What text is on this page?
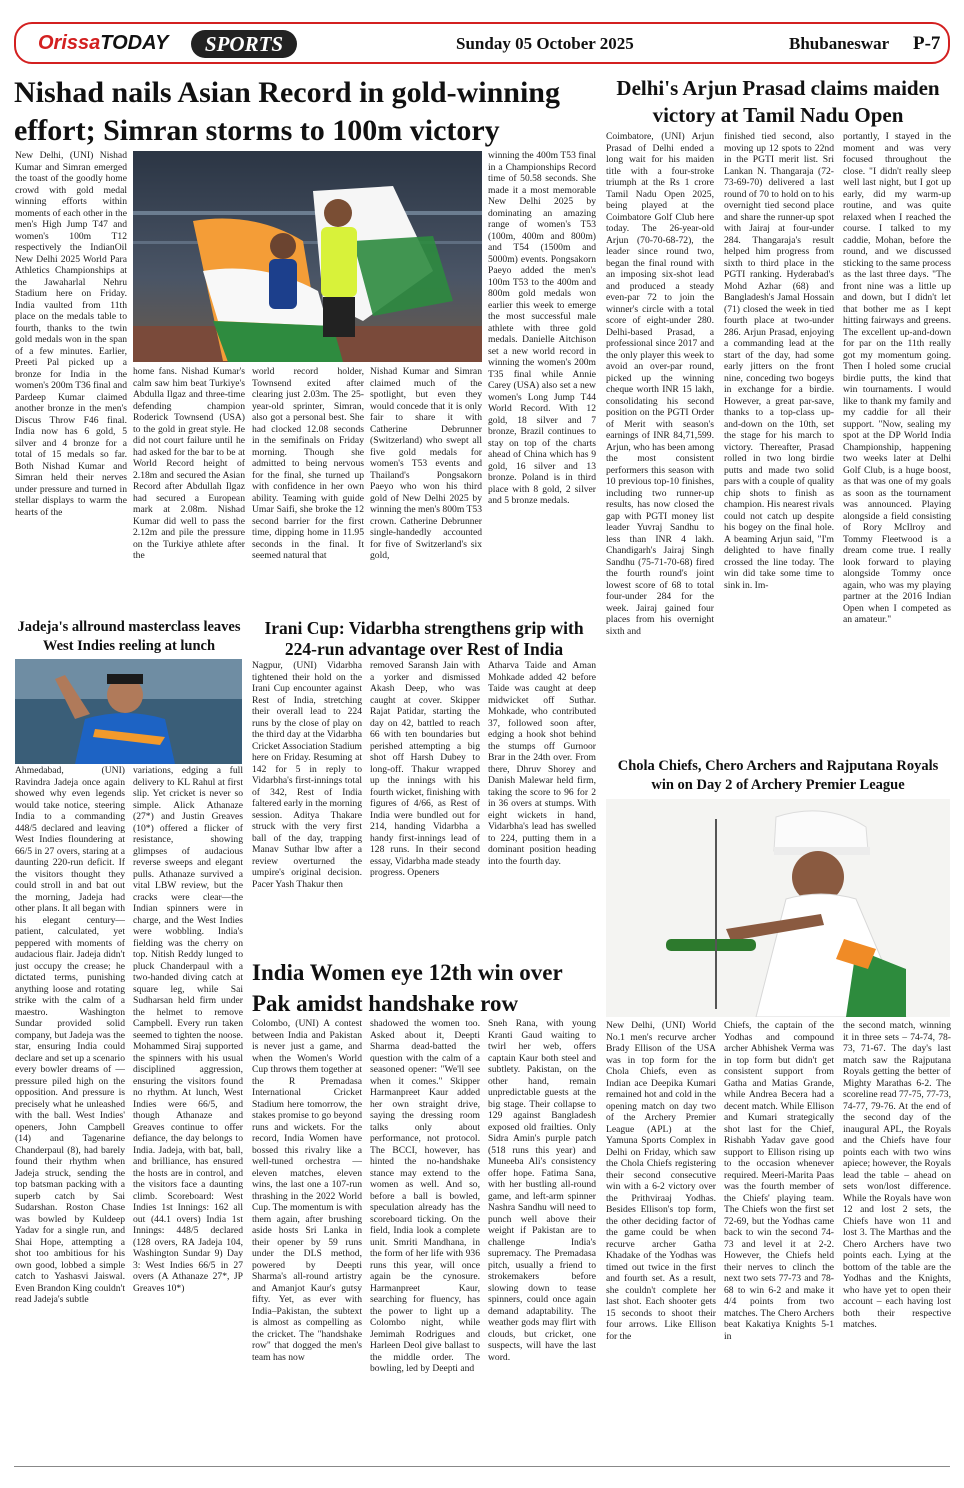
OrissaTODAY	SPORTS	Sunday 05 October 2025	Bhubaneswar P-7
Nishad nails Asian Record in gold-winning effort; Simran storms to 100m victory
New Delhi, (UNI) Nishad Kumar and Simran emerged the toast of the goodly home crowd with gold medal winning efforts within moments of each other in the men's High Jump T47 and women's 100m T12 respectively the IndianOil New Delhi 2025 World Para Athletics Championships at the Jawaharlal Nehru Stadium here on Friday. India vaulted from 11th place on the medals table to fourth, thanks to the twin gold medals won in the span of a few minutes. Earlier, Preeti Pal picked up a bronze for India in the women's 200m T36 final and Pardeep Kumar claimed another bronze in the men's Discus Throw F46 final. India now has 6 gold, 5 silver and 4 bronze for a total of 15 medals so far. Both Nishad Kumar and Simran held their nerves under pressure and turned in stellar displays to warm the hearts of the
home fans. Nishad Kumar's calm saw him beat Turkiye's Abdulla Ilgaz and three-time defending champion Roderick Townsend (USA) to the gold in great style. He did not court failure until he had asked for the bar to be at World Record height of 2.18m and secured the Asian Record after Abdullah Ilgaz had secured a European mark at 2.08m. Nishad Kumar did well to pass the 2.12m and pile the pressure on the Turkiye athlete after the
world record holder, Townsend exited after clearing just 2.03m. The 25-year-old sprinter, Simran, also got a personal best. She had clocked 12.08 seconds in the semifinals on Friday morning. Though she admitted to being nervous for the final, she turned up with confidence in her own ability. Teaming with guide Umar Saifi, she broke the 12 second barrier for the first time, dipping home in 11.95 seconds in the final. It seemed natural that
Nishad Kumar and Simran claimed much of the spotlight, but even they would concede that it is only fair to share it with Catherine Debrunner (Switzerland) who swept all five gold medals for women's T53 events and Thailand's Pongsakorn Paeyo who won his third gold of New Delhi 2025 by winning the men's 800m T53 crown. Catherine Debrunner single-handedly accounted for five of Switzerland's six gold,
winning the 400m T53 final in a Championships Record time of 50.58 seconds. She made it a most memorable New Delhi 2025 by dominating an amazing range of women's T53 (100m, 400m and 800m) and T54 (1500m and 5000m) events. Pongsakorn Paeyo added the men's 100m T53 to the 400m and 800m gold medals won earlier this week to emerge the most successful male athlete with three gold medals. Danielle Aitchison set a new world record in winning the women's 200m T35 final while Annie Carey (USA) also set a new women's Long Jump T44 World Record. With 12 gold, 18 silver and 7 bronze, Brazil continues to stay on top of the charts ahead of China which has 9 gold, 16 silver and 13 bronze. Poland is in third place with 8 gold, 2 silver and 5 bronze medals.
Delhi's Arjun Prasad claims maiden victory at Tamil Nadu Open
Coimbatore, (UNI) Arjun Prasad of Delhi ended a long wait for his maiden title with a four-stroke triumph at the Rs 1 crore Tamil Nadu Open 2025, being played at the Coimbatore Golf Club here today. The 26-year-old Arjun (70-70-68-72), the leader since round two, began the final round with an imposing six-shot lead and produced a steady even-par 72 to join the winner's circle with a total score of eight-under 280. Delhi-based Prasad, a professional since 2017 and the only player this week to avoid an over-par round, picked up the winning cheque worth INR 15 lakh, consolidating his second position on the PGTI Order of Merit with season's earnings of INR 84,71,599. Arjun, who has been among the most consistent performers this season with 10 previous top-10 finishes, including two runner-up results, has now closed the gap with PGTI money list leader Yuvraj Sandhu to less than INR 4 lakh. Chandigarh's Jairaj Singh Sandhu (75-71-70-68) fired the fourth round's joint lowest score of 68 to total four-under 284 for the week. Jairaj gained four places from his overnight sixth and
finished tied second, also moving up 12 spots to 22nd in the PGTI merit list. Sri Lankan N. Thangaraja (72-73-69-70) delivered a last round of 70 to hold on to his overnight tied second place and share the runner-up spot with Jairaj at four-under 284. Thangaraja's result helped him progress from sixth to third place in the PGTI ranking. Hyderabad's Mohd Azhar (68) and Bangladesh's Jamal Hossain (71) closed the week in tied fourth place at two-under 286. Arjun Prasad, enjoying a commanding lead at the start of the day, had some early jitters on the front nine, conceding two bogeys in exchange for a birdie. However, a great par-save, thanks to a top-class up-and-down on the 10th, set the stage for his march to victory. Thereafter, Prasad rolled in two long birdie putts and made two solid pars with a couple of quality chip shots to finish as champion. His nearest rivals could not catch up despite his bogey on the final hole. A beaming Arjun said, "I'm delighted to have finally crossed the line today. The win did take some time to sink in. Im-
portantly, I stayed in the moment and was very focused throughout the close. "I didn't really sleep well last night, but I got up early, did my warm-up routine, and was quite relaxed when I reached the course. I talked to my caddie, Mohan, before the round, and we discussed sticking to the same process as the last three days. "The front nine was a little up and down, but I didn't let that bother me as I kept hitting fairways and greens. The excellent up-and-down for par on the 11th really got my momentum going. Then I holed some crucial birdie putts, the kind that win tournaments. I would like to thank my family and my caddie for all their support. "Now, sealing my spot at the DP World India Championship, happening two weeks later at Delhi Golf Club, is a huge boost, as that was one of my goals as soon as the tournament was announced. Playing alongside a field consisting of Rory McIlroy and Tommy Fleetwood is a dream come true. I really look forward to playing alongside Tommy once again, who was my playing partner at the 2016 Indian Open when I competed as an amateur."
Jadeja's allround masterclass leaves West Indies reeling at lunch
Ahmedabad, (UNI) Ravindra Jadeja once again showed why even legends would take notice, steering India to a commanding 448/5 declared and leaving West Indies floundering at 66/5 in 27 overs, staring at a daunting 220-run deficit. If the visitors thought they could stroll in and bat out the morning, Jadeja had other plans. It all began with his elegant century—patient, calculated, yet peppered with moments of audacious flair. Jadeja didn't just occupy the crease; he dictated terms, punishing anything loose and rotating strike with the calm of a maestro. Washington Sundar provided solid company, but Jadeja was the star, ensuring India could declare and set up a scenario every bowler dreams of —pressure piled high on the opposition. And pressure is precisely what he unleashed with the ball. West Indies' openers, John Campbell (14) and Tagenarine Chanderpaul (8), had barely found their rhythm when Jadeja struck, sending the top batsman packing with a superb catch by Sai Sudarshan. Roston Chase was bowled by Kuldeep Yadav for a single run, and Shai Hope, attempting a shot too ambitious for his own good, lobbed a simple catch to Yashasvi Jaiswal. Even Brandon King couldn't read Jadeja's subtle
variations, edging a full delivery to KL Rahul at first slip. Yet cricket is never so simple. Alick Athanaze (27*) and Justin Greaves (10*) offered a flicker of resistance, showing glimpses of audacious reverse sweeps and elegant pulls. Athanaze survived a vital LBW review, but the cracks were clear—the Indian spinners were in charge, and the West Indies were wobbling. India's fielding was the cherry on top. Nitish Reddy lunged to pluck Chanderpaul with a two-handed diving catch at square leg, while Sai Sudharsan held firm under the helmet to remove Campbell. Every run taken seemed to tighten the noose. Mohammed Siraj supported the spinners with his usual disciplined aggression, ensuring the visitors found no rhythm. At lunch, West Indies were 66/5, and though Athanaze and Greaves continue to offer defiance, the day belongs to India. Jadeja, with bat, ball, and brilliance, has ensured the hosts are in control, and the visitors face a daunting climb. Scoreboard: West Indies 1st Innings: 162 all out (44.1 overs) India 1st Innings: 448/5 declared (128 overs, RA Jadeja 104, Washington Sundar 9) Day 3: West Indies 66/5 in 27 overs (A Athanaze 27*, JP Greaves 10*)
Irani Cup: Vidarbha strengthens grip with 224-run advantage over Rest of India
Nagpur, (UNI) Vidarbha tightened their hold on the Irani Cup encounter against Rest of India, stretching their overall lead to 224 runs by the close of play on the third day at the Vidarbha Cricket Association Stadium here on Friday. Resuming at 142 for 5 in reply to Vidarbha's first-innings total of 342, Rest of India faltered early in the morning session. Aditya Thakare struck with the very first ball of the day, trapping Manav Suthar lbw after a review overturned the umpire's original decision. Pacer Yash Thakur then
removed Saransh Jain with a yorker and dismissed Akash Deep, who was caught at cover. Skipper Rajat Patidar, starting the day on 42, battled to reach 66 with ten boundaries but perished attempting a big shot off Harsh Dubey to long-off. Thakur wrapped up the innings with his fourth wicket, finishing with figures of 4/66, as Rest of India were bundled out for 214, handing Vidarbha a handy first-innings lead of 128 runs. In their second essay, Vidarbha made steady progress. Openers
Atharva Taide and Aman Mohkade added 42 before Taide was caught at deep midwicket off Suthar. Mohkade, who contributed 37, followed soon after, edging a hook shot behind the stumps off Gurnoor Brar in the 24th over. From there, Dhruv Shorey and Danish Malewar held firm, taking the score to 96 for 2 in 36 overs at stumps. With eight wickets in hand, Vidarbha's lead has swelled to 224, putting them in a dominant position heading into the fourth day.
India Women eye 12th win over Pak amidst handshake row
Colombo, (UNI) A contest between India and Pakistan is never just a game, and when the Women's World Cup throws them together at the R Premadasa International Cricket Stadium here tomorrow, the stakes promise to go beyond runs and wickets. For the record, India Women have bossed this rivalry like a well-tuned orchestra — eleven matches, eleven wins, the last one a 107-run thrashing in the 2022 World Cup. The momentum is with them again, after brushing aside hosts Sri Lanka in their opener by 59 runs under the DLS method, powered by Deepti Sharma's all-round artistry and Amanjot Kaur's gutsy fifty. Yet, as ever with India–Pakistan, the subtext is almost as compelling as the cricket. The "handshake row" that dogged the men's team has now
shadowed the women too. Asked about it, Deepti Sharma dead-batted the question with the calm of a seasoned opener: "We'll see when it comes." Skipper Harmanpreet Kaur added her own straight drive, saying the dressing room talks only about performance, not protocol. The BCCI, however, has hinted the no-handshake stance may extend to the women as well. And so, before a ball is bowled, speculation already has the scoreboard ticking. On the field, India look a complete unit. Smriti Mandhana, in the form of her life with 936 runs this year, will once again be the cynosure. Harmanpreet Kaur, searching for fluency, has the power to light up a Colombo night, while Jemimah Rodrigues and Harleen Deol give ballast to the middle order. The bowling, led by Deepti and
Sneh Rana, with young Kranti Gaud waiting to twirl her web, offers captain Kaur both steel and subtlety. Pakistan, on the other hand, remain unpredictable guests at the big stage. Their collapse to 129 against Bangladesh exposed old frailties. Only Sidra Amin's purple patch (518 runs this year) and Muneeba Ali's consistency offer hope. Fatima Sana, with her bustling all-round game, and left-arm spinner Nashra Sandhu will need to punch well above their weight if Pakistan are to challenge India's supremacy. The Premadasa pitch, usually a friend to strokemakers before slowing down to tease spinners, could once again demand adaptability. The weather gods may flirt with clouds, but cricket, one suspects, will have the last word.
Chola Chiefs, Chero Archers and Rajputana Royals win on Day 2 of Archery Premier League
New Delhi, (UNI) World No.1 men's recurve archer Brady Ellison of the USA was in top form for the Chola Chiefs, even as Indian ace Deepika Kumari remained hot and cold in the opening match on day two of the Archery Premier League (APL) at the Yamuna Sports Complex in Delhi on Friday, which saw the Chola Chiefs registering their second consecutive win with a 6-2 victory over the Prithviraaj Yodhas. Besides Ellison's top form, the other deciding factor of the game could be when recurve archer Gatha Khadake of the Yodhas was timed out twice in the first and fourth set. As a result, she couldn't complete her last shot. Each shooter gets 15 seconds to shoot their four arrows. Like Ellison for the
Chiefs, the captain of the Yodhas and compound archer Abhishek Verma was in top form but didn't get consistent support from Gatha and Matias Grande, while Andrea Becera had a decent match. While Ellison and Kumari strategically shot last for the Chief, Rishabh Yadav gave good support to Ellison rising up to the occasion whenever required. Meeri-Marita Paas was the fourth member of the Chiefs' playing team. The Chiefs won the first set 72-69, but the Yodhas came back to win the second 74-73 and level it at 2-2. However, the Chiefs held their nerves to clinch the next two sets 77-73 and 78-68 to win 6-2 and make it 4/4 points from two matches. The Chero Archers beat Kakatiya Knights 5-1 in
the second match, winning it in three sets – 74-74, 78-73, 71-67. The day's last match saw the Rajputana Royals getting the better of Mighty Marathas 6-2. The scoreline read 77-75, 77-73, 74-77, 79-76. At the end of the second day of the inaugural APL, the Royals and the Chiefs have four points each with two wins apiece; however, the Royals lead the table – ahead on sets won/lost difference. While the Royals have won 12 and lost 2 sets, the Chiefs have won 11 and lost 3. The Marthas and the Chero Archers have two points each. Lying at the bottom of the table are the Yodhas and the Knights, who have yet to open their account – each having lost both their respective matches.
